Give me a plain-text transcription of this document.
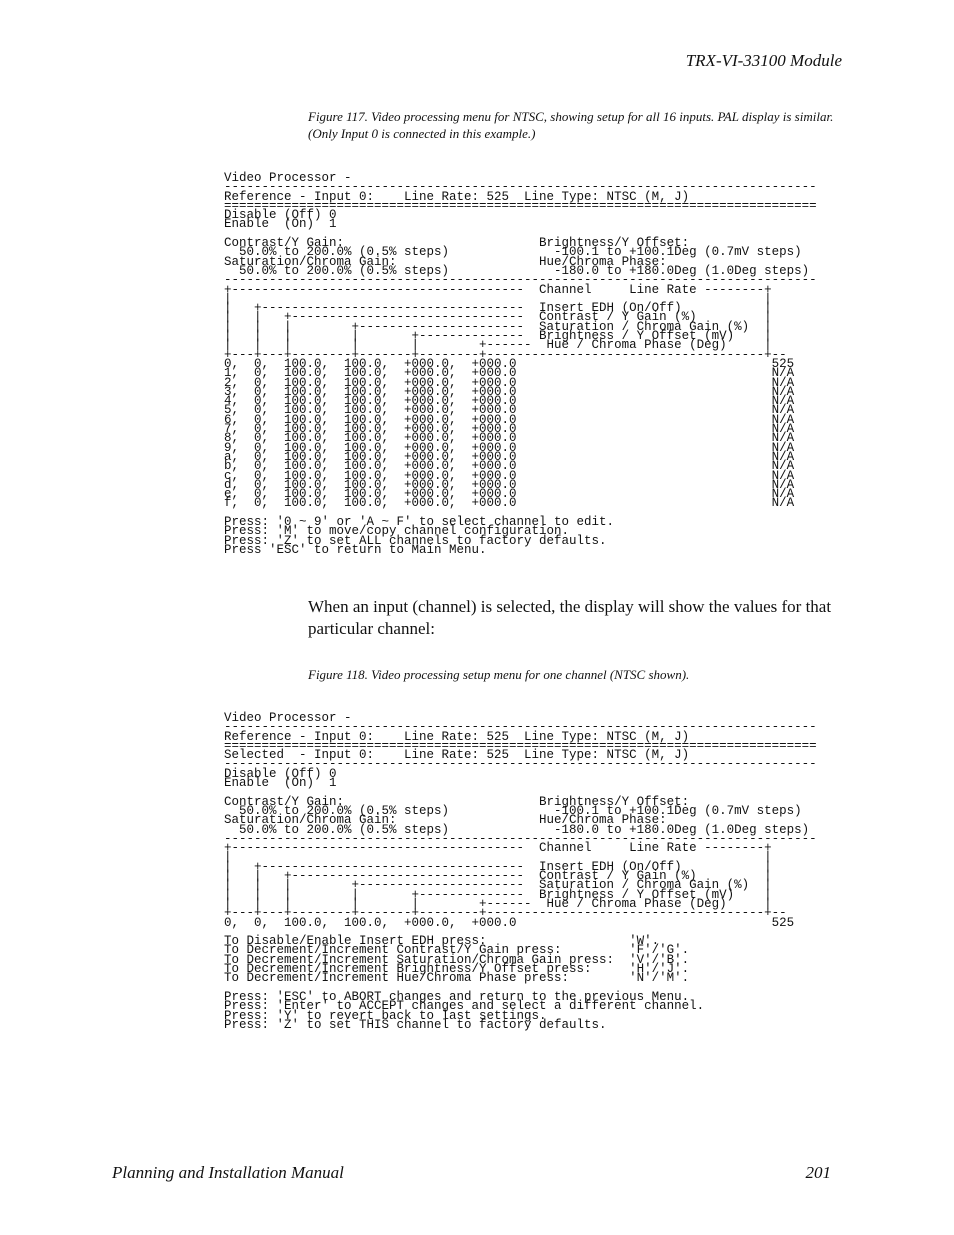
TRX-VI-33100 Module
Figure 117. Video processing menu for NTSC, showing setup for all 16 inputs. PAL display is similar. (Only Input 0 is connected in this example.)
Video Processor -
-------------------------------------------------------------------------------
Reference - Input 0:    Line Rate: 525  Line Type: NTSC (M, J)
===============================================================================
Disable (Off) 0
Enable  (On)  1

Contrast/Y Gain:                          Brightness/Y Offset:
50.0% to 200.0% (0.5% steps)              -100.1 to +100.1Deg (0.7mV steps)
Saturation/Chroma Gain:                   Hue/Chroma Phase:
50.0% to 200.0% (0.5% steps)              -180.0 to +180.0Deg (1.0Deg steps)
-------------------------------------------------------------------------------
+---------------------------------------  Channel     Line Rate --------+
|                                                                       |
|   +-----------------------------------  Insert EDH (On/Off)           |
|   |   +-------------------------------  Contrast / Y Gain (%)         |
|   |   |        +----------------------  Saturation / Chroma Gain (%)  |
|   |   |        |       +--------------  Brightness / Y Offset (mV)    |
|   |   |        |       |        +------  Hue / Chroma Phase (Deg)     |
+---+---+--------+-------+--------+-------------------------------------+--
0,  0,  100.0,  100.0,  +000.0,  +000.0                                  525
1,  0,  100.0,  100.0,  +000.0,  +000.0                                  N/A
2,  0,  100.0,  100.0,  +000.0,  +000.0                                  N/A
3,  0,  100.0,  100.0,  +000.0,  +000.0                                  N/A
4,  0,  100.0,  100.0,  +000.0,  +000.0                                  N/A
5,  0,  100.0,  100.0,  +000.0,  +000.0                                  N/A
6,  0,  100.0,  100.0,  +000.0,  +000.0                                  N/A
7,  0,  100.0,  100.0,  +000.0,  +000.0                                  N/A
8,  0,  100.0,  100.0,  +000.0,  +000.0                                  N/A
9,  0,  100.0,  100.0,  +000.0,  +000.0                                  N/A
a,  0,  100.0,  100.0,  +000.0,  +000.0                                  N/A
b,  0,  100.0,  100.0,  +000.0,  +000.0                                  N/A
c,  0,  100.0,  100.0,  +000.0,  +000.0                                  N/A
d,  0,  100.0,  100.0,  +000.0,  +000.0                                  N/A
e,  0,  100.0,  100.0,  +000.0,  +000.0                                  N/A
f,  0,  100.0,  100.0,  +000.0,  +000.0                                  N/A

Press: '0 ~ 9' or 'A ~ F' to select channel to edit.
Press: 'M' to move/copy channel configuration.
Press: 'Z' to set ALL channels to factory defaults.
Press 'ESC' to return to Main Menu.
When an input (channel) is selected, the display will show the values for that particular channel:
Figure 118. Video processing setup menu for one channel (NTSC shown).
Video Processor -
-------------------------------------------------------------------------------
Reference - Input 0:    Line Rate: 525  Line Type: NTSC (M, J)
===============================================================================
Selected  - Input 0:    Line Rate: 525  Line Type: NTSC (M, J)
-------------------------------------------------------------------------------
Disable (Off) 0
Enable  (On)  1

Contrast/Y Gain:                          Brightness/Y Offset:
50.0% to 200.0% (0.5% steps)              -100.1 to +100.1Deg (0.7mV steps)
Saturation/Chroma Gain:                   Hue/Chroma Phase:
50.0% to 200.0% (0.5% steps)              -180.0 to +180.0Deg (1.0Deg steps)
-------------------------------------------------------------------------------
+---------------------------------------  Channel     Line Rate --------+
|                                                                       |
|   +-----------------------------------  Insert EDH (On/Off)           |
|   |   +-------------------------------  Contrast / Y Gain (%)         |
|   |   |        +----------------------  Saturation / Chroma Gain (%)  |
|   |   |        |       +--------------  Brightness / Y Offset (mV)    |
|   |   |        |       |        +------  Hue / Chroma Phase (Deg)     |
+---+---+--------+-------+--------+-------------------------------------+--
0,  0,  100.0,  100.0,  +000.0,  +000.0                                  525

To Disable/Enable Insert EDH press:                   'W'.
To Decrement/Increment Contrast/Y Gain press:         'F'/'G'.
To Decrement/Increment Saturation/Chroma Gain press:  'V'/'B'.
To Decrement/Increment Brightness/Y Offset press:     'H'/'J'.
To Decrement/Increment Hue/Chroma Phase press:        'N'/'M'.

Press: 'ESC' to ABORT changes and return to the previous Menu.
Press: 'Enter' to ACCEPT changes and select a different channel.
Press: 'Y' to revert back to last settings.
Press: 'Z' to set THIS channel to factory defaults.
Planning and Installation Manual	201
